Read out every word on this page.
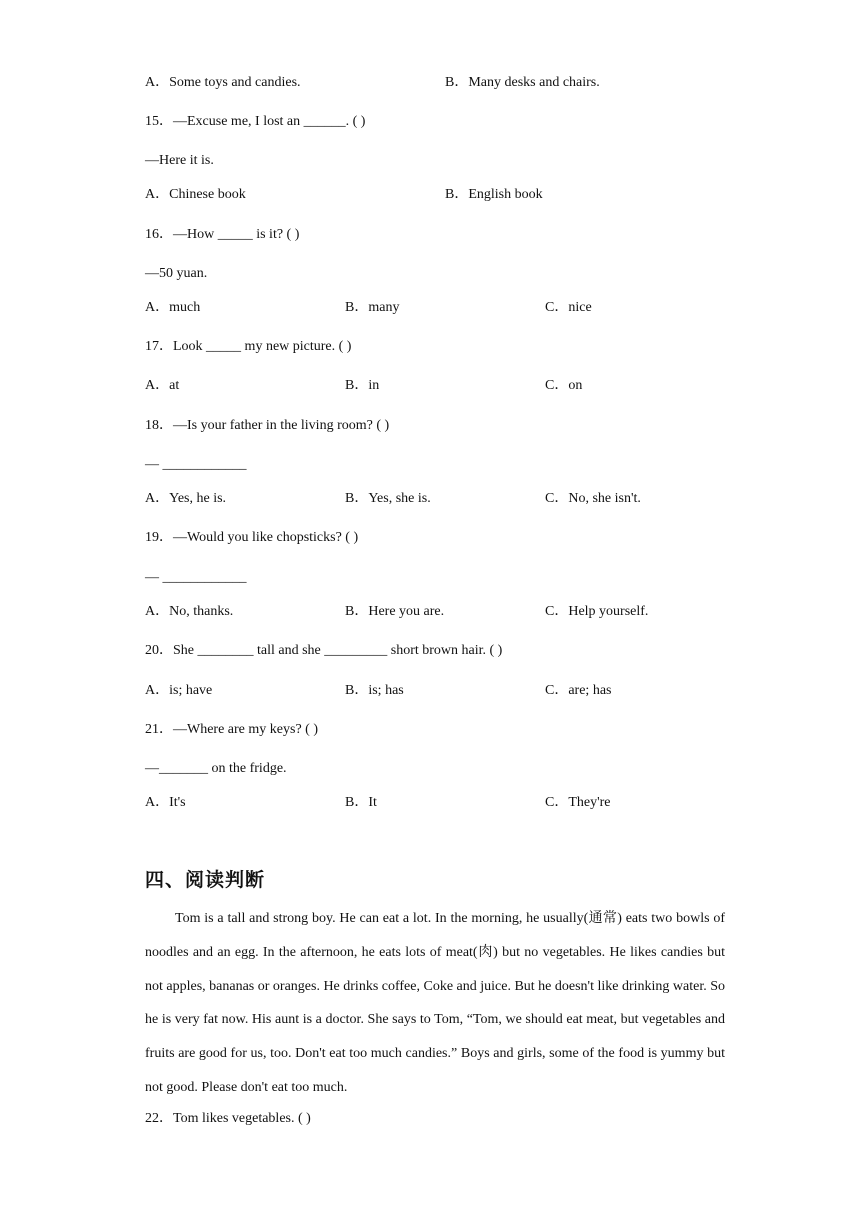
A．Some toys and candies.	B．Many desks and chairs.
15．—Excuse me, I lost an ______. ( )
—Here it is.
A．Chinese book	B．English book
16．—How _____ is it? ( )
—50 yuan.
A．much	B．many	C．nice
17．Look _____ my new picture. ( )
A．at	B．in	C．on
18．—Is your father in the living room? ( )
— ____________
A．Yes, he is.	B．Yes, she is.	C．No, she isn't.
19．—Would you like chopsticks? ( )
— ____________
A．No, thanks.	B．Here you are.	C．Help yourself.
20．She ________ tall and she _________ short brown hair. ( )
A．is; have	B．is; has	C．are; has
21．—Where are my keys? ( )
—_______ on the fridge.
A．It's	B．It	C．They're
四、阅读判断
Tom is a tall and strong boy. He can eat a lot. In the morning, he usually(通常) eats two bowls of noodles and an egg. In the afternoon, he eats lots of meat(肉) but no vegetables. He likes candies but not apples, bananas or oranges. He drinks coffee, Coke and juice. But he doesn't like drinking water. So he is very fat now. His aunt is a doctor. She says to Tom, “Tom, we should eat meat, but vegetables and fruits are good for us, too. Don't eat too much candies.” Boys and girls, some of the food is yummy but not good. Please don't eat too much.
22．Tom likes vegetables. ( )
